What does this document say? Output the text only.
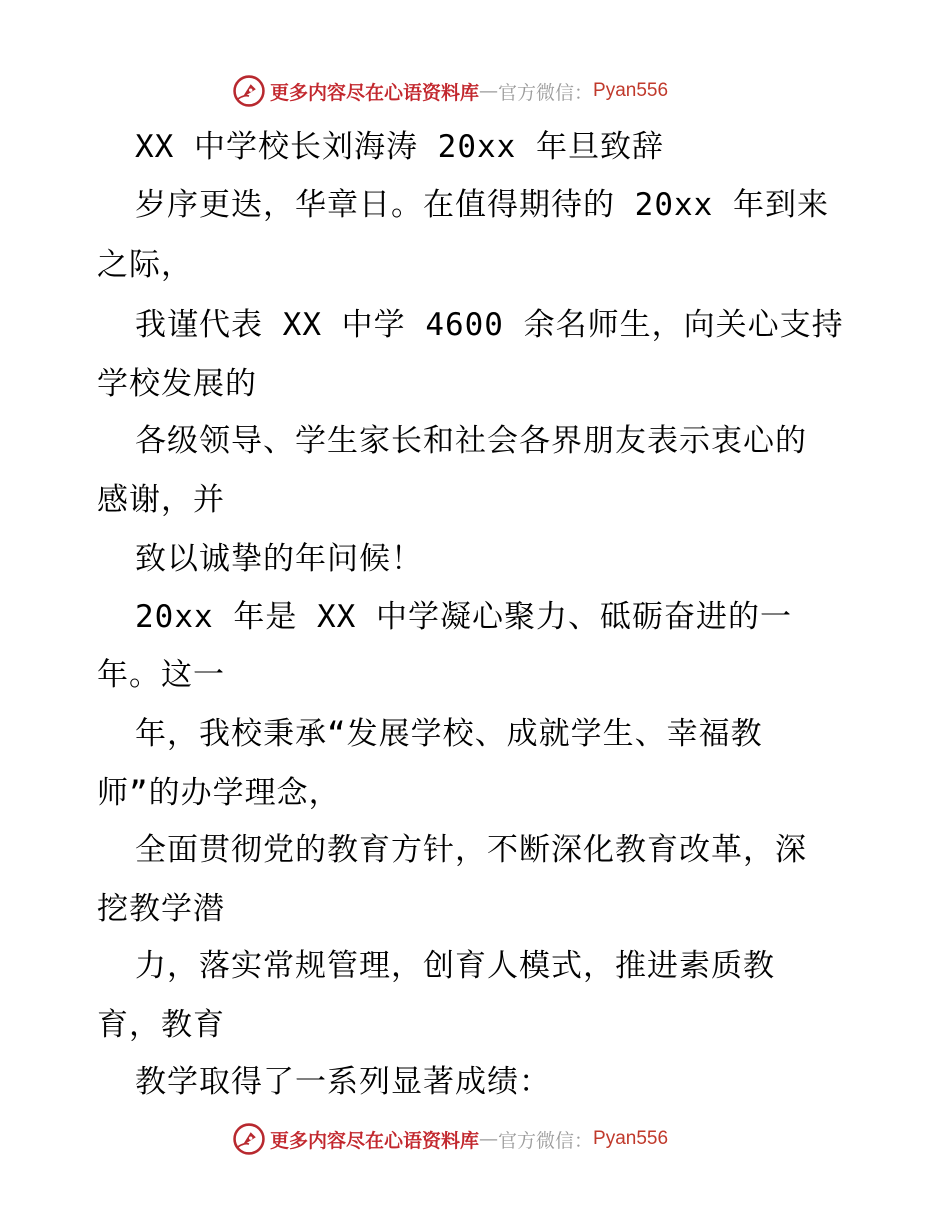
更多内容尽在心语资料库 — 官方微信： Pyan556
XX 中学校长刘海涛 20xx 年旦致辞
岁序更迭，华章日。在值得期待的 20xx 年到来
之际，
我谨代表 XX 中学 4600 余名师生，向关心支持
学校发展的
各级领导、学生家长和社会各界朋友表示衷心的
感谢，并
致以诚挚的年问候！
20xx 年是 XX 中学凝心聚力、砥砺奋进的一
年。这一
年，我校秉承“发展学校、成就学生、幸福教
师”的办学理念，
全面贯彻党的教育方针，不断深化教育改革，深
挖教学潜
力，落实常规管理，创育人模式，推进素质教
育，教育
教学取得了一系列显著成绩：
更多内容尽在心语资料库 — 官方微信： Pyan556
